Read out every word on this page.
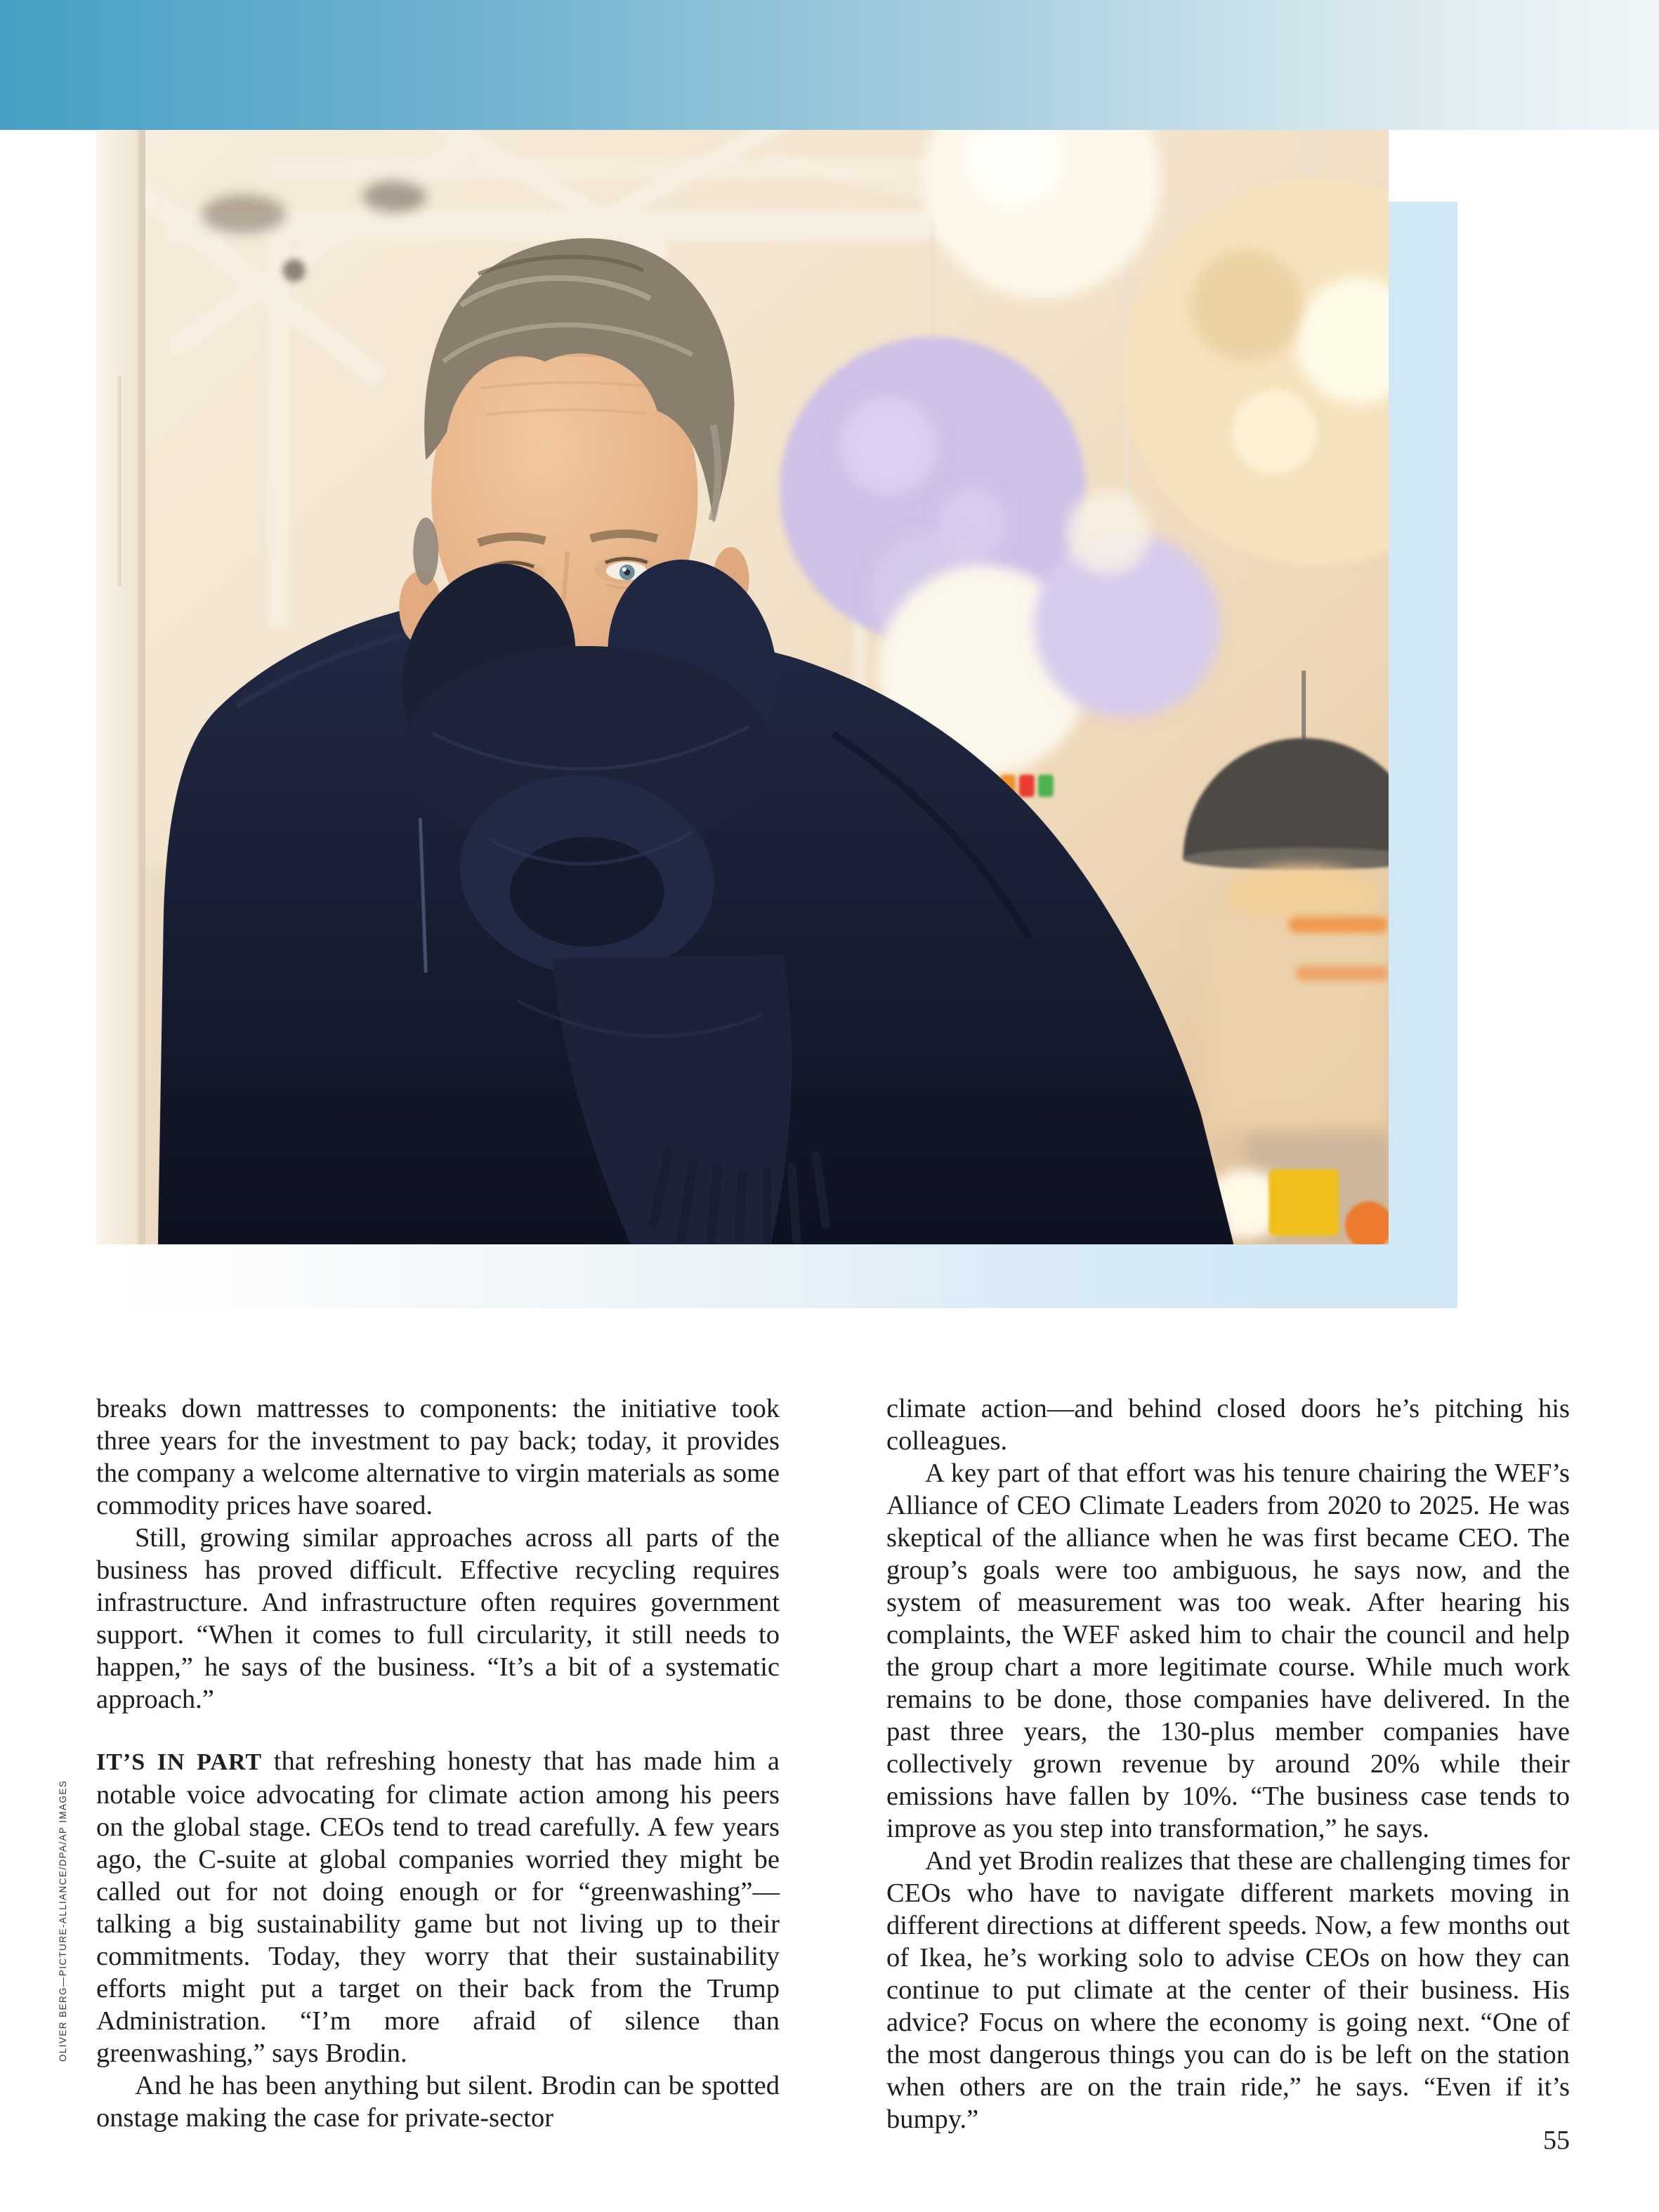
OLIVER BERG—PICTURE-ALLIANCE/DPA/AP IMAGES

breaks down mattresses to components: the initiative took three years for the investment to pay back; today, it provides the company a welcome alternative to virgin materials as some commodity prices have soared.

Still, growing similar approaches across all parts of the business has proved difficult. Effective recycling requires infrastructure. And infrastructure often requires government support. “When it comes to full circularity, it still needs to happen,” he says of the business. “It’s a bit of a systematic approach.”

IT’S IN PART that refreshing honesty that has made him a notable voice advocating for climate action among his peers on the global stage. CEOs tend to tread carefully. A few years ago, the C-suite at global companies worried they might be called out for not doing enough or for “greenwashing”—talking a big sustainability game but not living up to their commitments. Today, they worry that their sustainability efforts might put a target on their back from the Trump Administration. “I’m more afraid of silence than greenwashing,” says Brodin.

And he has been anything but silent. Brodin can be spotted onstage making the case for private-sector

climate action—and behind closed doors he’s pitching his colleagues.

A key part of that effort was his tenure chairing the WEF’s Alliance of CEO Climate Leaders from 2020 to 2025. He was skeptical of the alliance when he was first became CEO. The group’s goals were too ambiguous, he says now, and the system of measurement was too weak. After hearing his complaints, the WEF asked him to chair the council and help the group chart a more legitimate course. While much work remains to be done, those companies have delivered. In the past three years, the 130-plus member companies have collectively grown revenue by around 20% while their emissions have fallen by 10%. “The business case tends to improve as you step into transformation,” he says.

And yet Brodin realizes that these are challenging times for CEOs who have to navigate different markets moving in different directions at different speeds. Now, a few months out of Ikea, he’s working solo to advise CEOs on how they can continue to put climate at the center of their business. His advice? Focus on where the economy is going next. “One of the most dangerous things you can do is be left on the station when others are on the train ride,” he says. “Even if it’s bumpy.”

55
